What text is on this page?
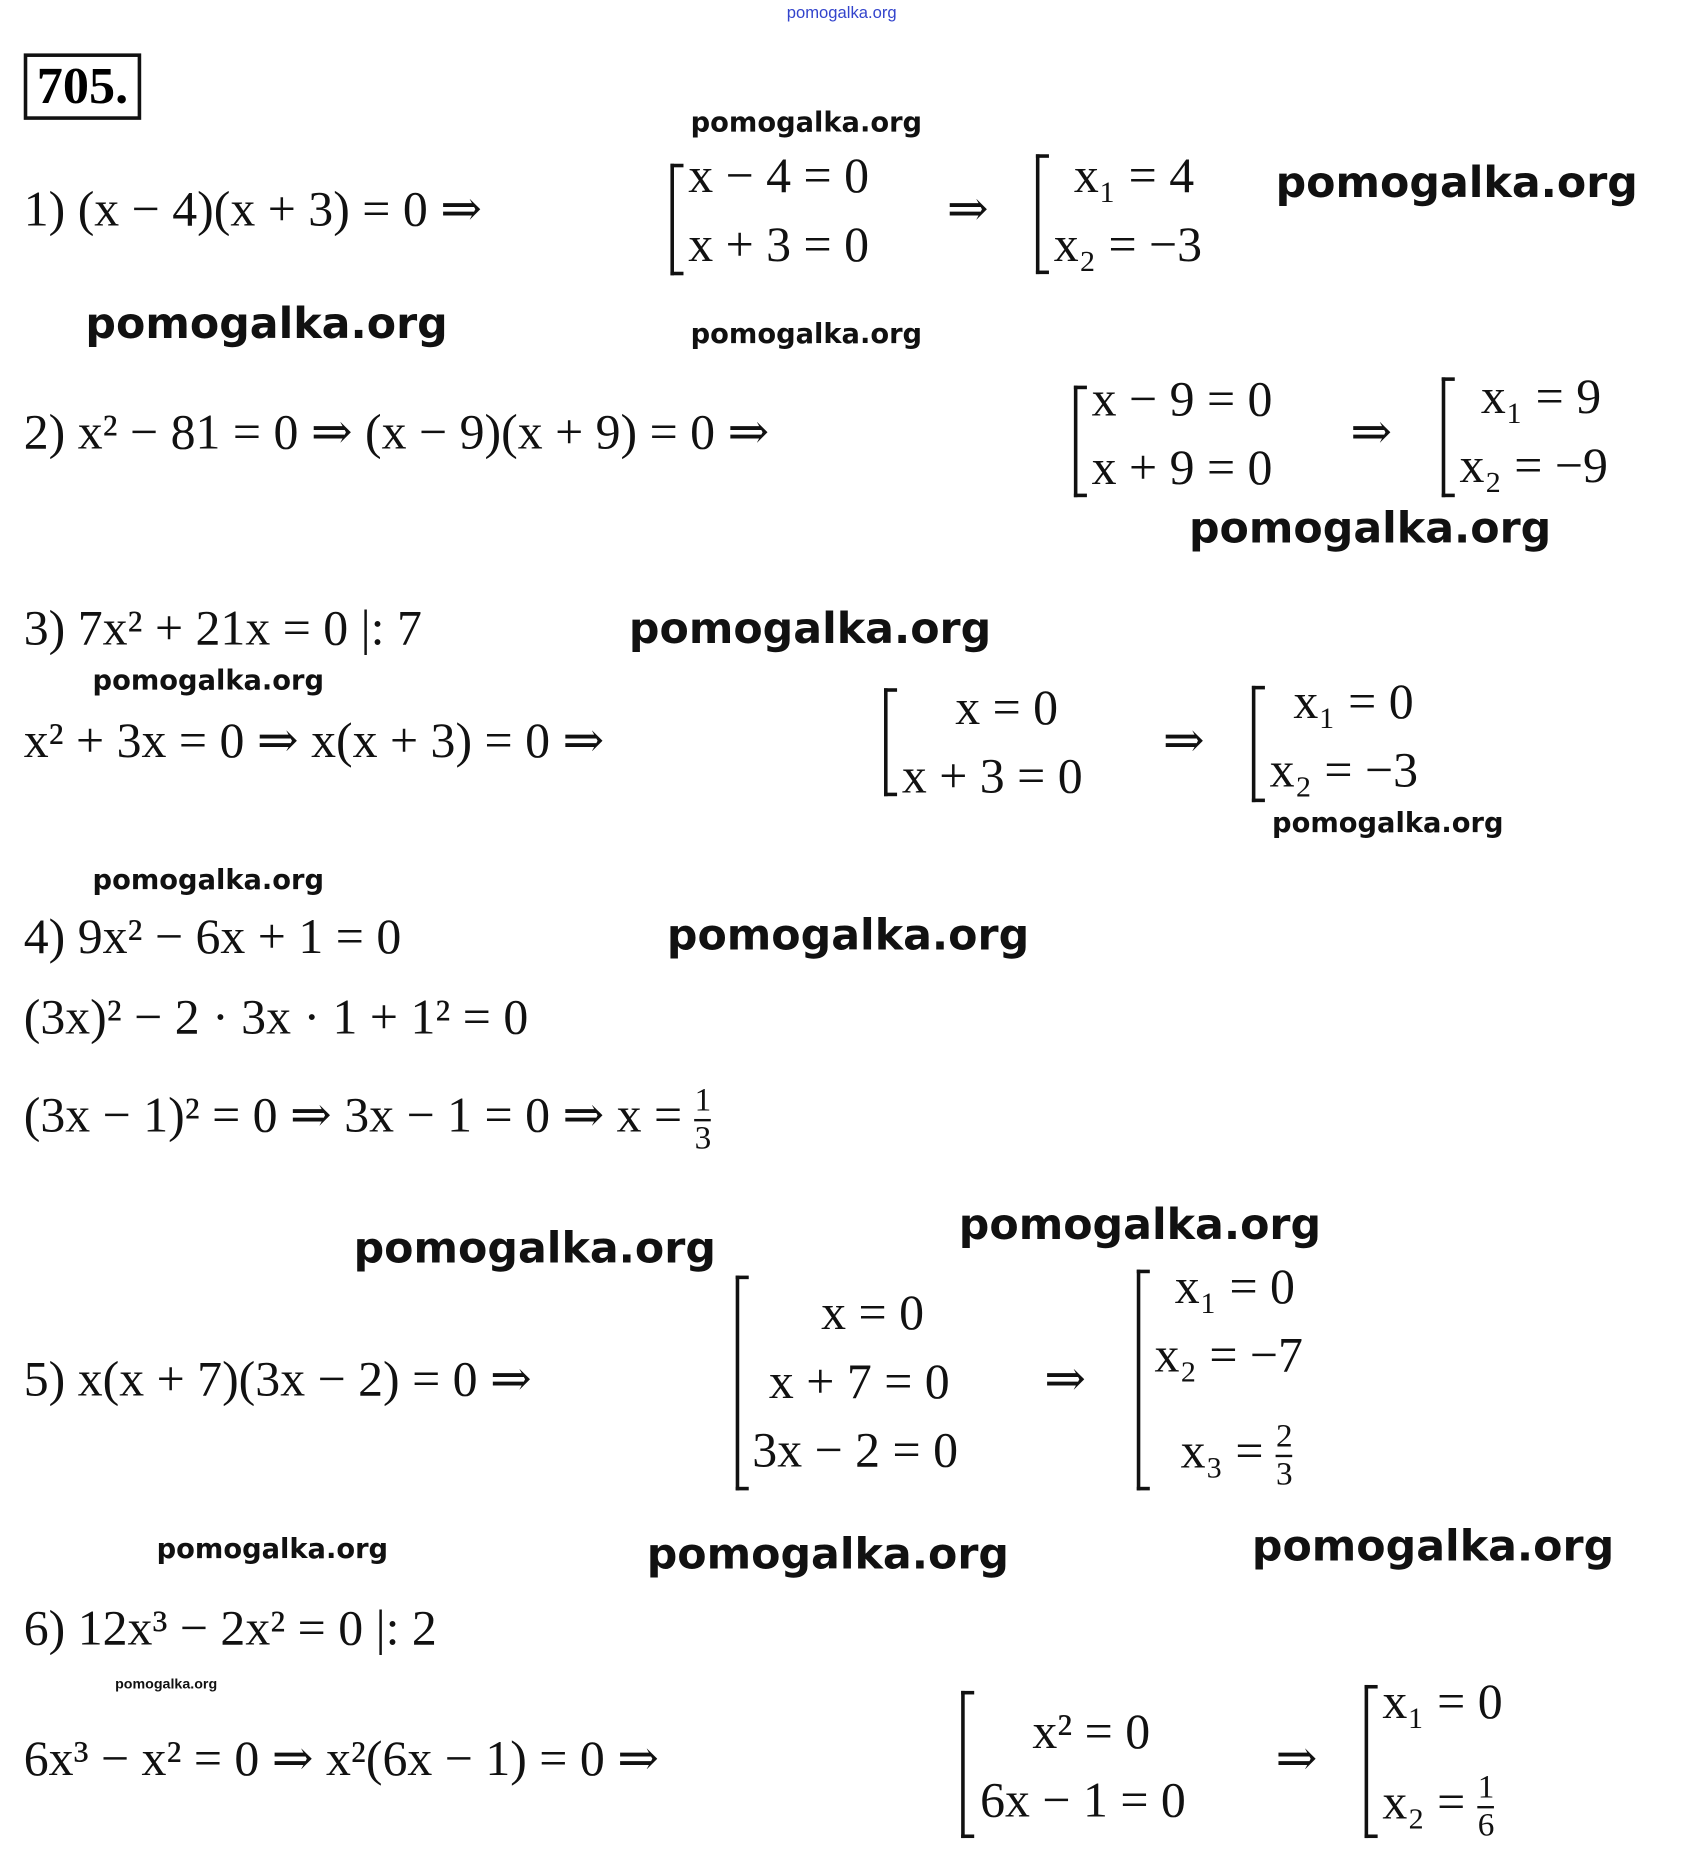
pomogalka.org
705.
pomogalka.org
1) (x − 4)(x + 3) = 0 ⇒
x − 4 = 0
x + 3 = 0
⇒
x₁ = 4
x₂ = −3
pomogalka.org
pomogalka.org	pomogalka.org
2) x² − 81 = 0 ⇒ (x − 9)(x + 9) = 0 ⇒
x − 9 = 0
x + 9 = 0
⇒
x₁ = 9
x₂ = −9
pomogalka.org
3) 7x² + 21x = 0 |: 7	pomogalka.org
pomogalka.org
x² + 3x = 0 ⇒ x(x + 3) = 0 ⇒
x = 0
x + 3 = 0
⇒
x₁ = 0
x₂ = −3
pomogalka.org
pomogalka.org
4) 9x² − 6x + 1 = 0	pomogalka.org
(3x)² − 2 · 3x · 1 + 1² = 0
(3x − 1)² = 0 ⇒ 3x − 1 = 0 ⇒ $x = \frac{1}{3}$
pomogalka.org	pomogalka.org
5) x(x + 7)(3x − 2) = 0 ⇒
x = 0
x + 7 = 0
3x − 2 = 0
⇒
x₁ = 0
x₂ = −7
$x_3 = \frac{2}{3}$
pomogalka.org	pomogalka.org	pomogalka.org
6) 12x³ − 2x² = 0 |: 2
6x³ − x² = 0 ⇒ x²(6x − 1) = 0 ⇒
pomogalka.org
x² = 0
6x − 1 = 0
⇒
x₁ = 0
$x_2 = \frac{1}{6}$
